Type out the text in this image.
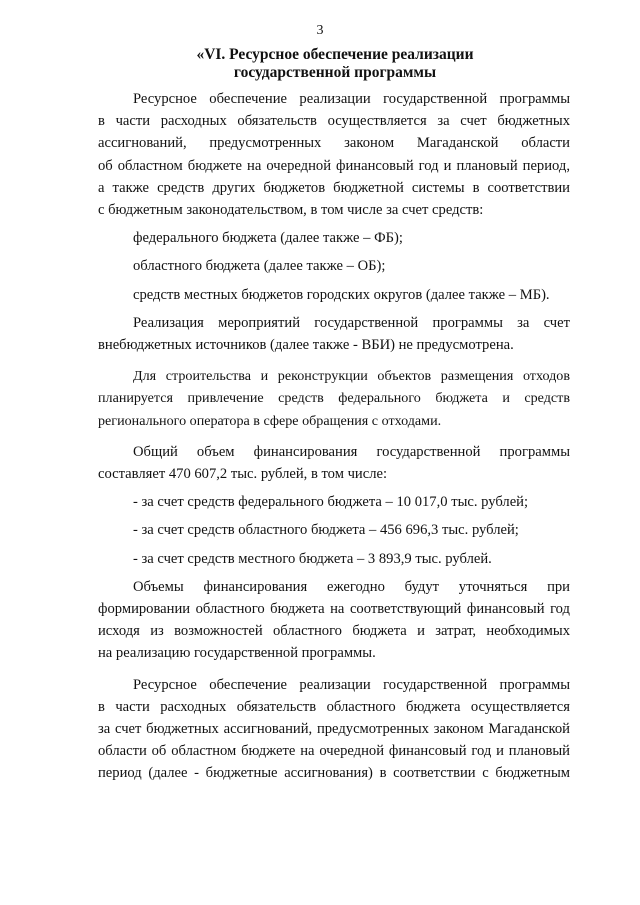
3
«VI. Ресурсное обеспечение реализации
государственной программы
Ресурсное обеспечение реализации государственной программы
в части расходных обязательств осуществляется за счет бюджетных
ассигнований, предусмотренных законом Магаданской области
об областном бюджете на очередной финансовый год и плановый период,
а также средств других бюджетов бюджетной системы в соответствии
с бюджетным законодательством, в том числе за счет средств:
федерального бюджета (далее также – ФБ);
областного бюджета (далее также – ОБ);
средств местных бюджетов городских округов (далее также – МБ).
Реализация мероприятий государственной программы за счет
внебюджетных источников (далее также - ВБИ) не предусмотрена.
Для строительства и реконструкции объектов размещения отходов
планируется привлечение средств федерального бюджета и средств
регионального оператора в сфере обращения с отходами.
Общий объем финансирования государственной программы
составляет 470 607,2 тыс. рублей, в том числе:
- за счет средств федерального бюджета – 10 017,0 тыс. рублей;
- за счет средств областного бюджета – 456 696,3 тыс. рублей;
- за счет средств местного бюджета – 3 893,9 тыс. рублей.
Объемы финансирования ежегодно будут уточняться при
формировании областного бюджета на соответствующий финансовый год
исходя из возможностей областного бюджета и затрат, необходимых
на реализацию государственной программы.
Ресурсное обеспечение реализации государственной программы
в части расходных обязательств областного бюджета осуществляется
за счет бюджетных ассигнований, предусмотренных законом Магаданской
области об областном бюджете на очередной финансовый год и плановый
период (далее - бюджетные ассигнования) в соответствии с бюджетным
